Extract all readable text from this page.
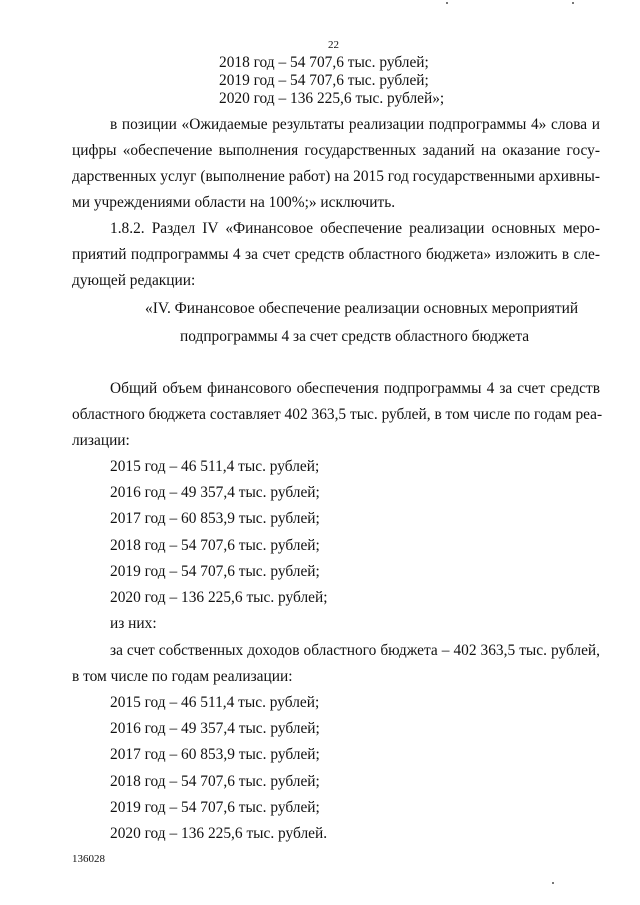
22
2018 год – 54 707,6 тыс. рублей;
2019 год – 54 707,6 тыс. рублей;
2020 год – 136 225,6 тыс. рублей»;
в позиции «Ожидаемые результаты реализации подпрограммы 4» слова и
цифры «обеспечение выполнения государственных заданий на оказание госу-
дарственных услуг (выполнение работ) на 2015 год государственными архивны-
ми учреждениями области на 100%;» исключить.
1.8.2. Раздел IV «Финансовое обеспечение реализации основных меро-
приятий подпрограммы 4 за счет средств областного бюджета» изложить в сле-
дующей редакции:
«IV. Финансовое обеспечение реализации основных мероприятий
подпрограммы 4 за счет средств областного бюджета
Общий объем финансового обеспечения подпрограммы 4 за счет средств
областного бюджета составляет 402 363,5 тыс. рублей, в том числе по годам реа-
лизации:
2015 год – 46 511,4 тыс. рублей;
2016 год – 49 357,4 тыс. рублей;
2017 год – 60 853,9 тыс. рублей;
2018 год – 54 707,6 тыс. рублей;
2019 год – 54 707,6 тыс. рублей;
2020 год – 136 225,6 тыс. рублей;
из них:
за счет собственных доходов областного бюджета – 402 363,5 тыс. рублей,
в том числе по годам реализации:
2015 год – 46 511,4 тыс. рублей;
2016 год – 49 357,4 тыс. рублей;
2017 год – 60 853,9 тыс. рублей;
2018 год – 54 707,6 тыс. рублей;
2019 год – 54 707,6 тыс. рублей;
2020 год – 136 225,6 тыс. рублей.
136028
